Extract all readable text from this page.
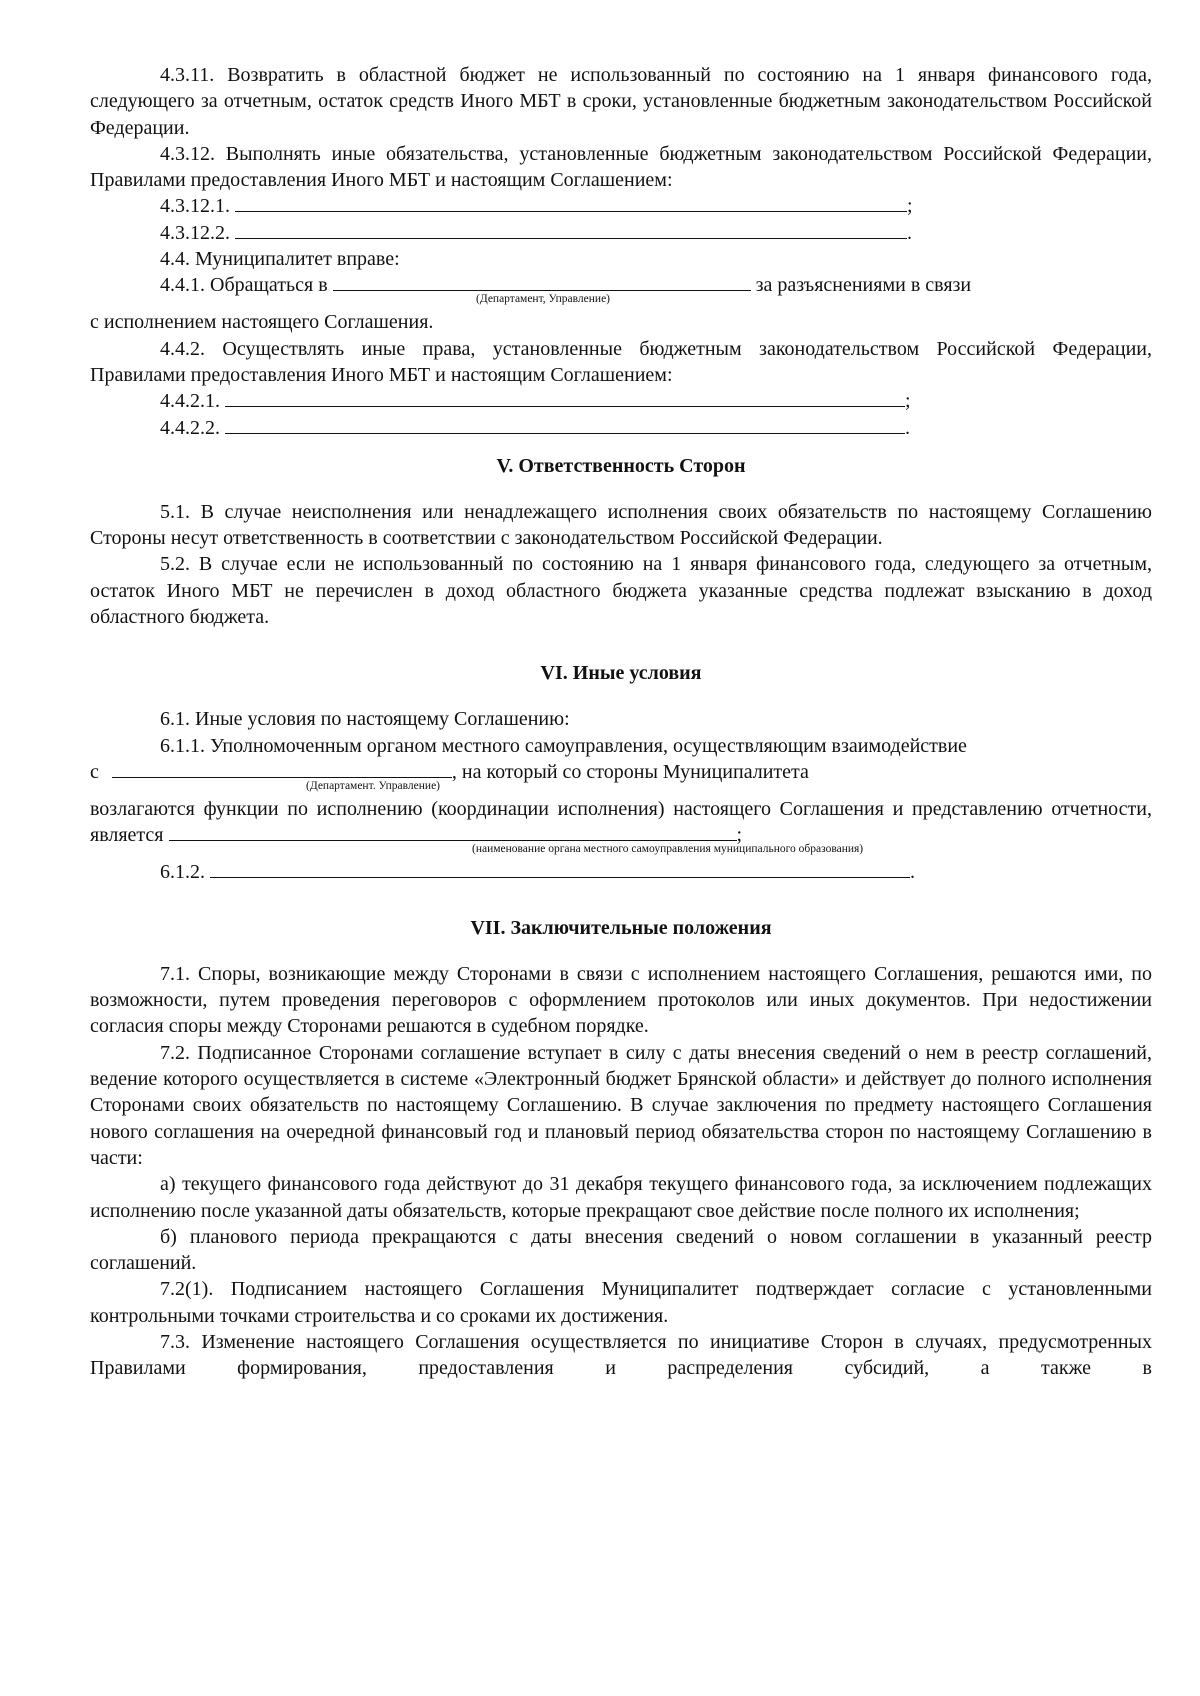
4.3.11. Возвратить в областной бюджет не использованный по состоянию на 1 января финансового года, следующего за отчетным, остаток средств Иного МБТ в сроки, установленные бюджетным законодательством Российской Федерации.

4.3.12. Выполнять иные обязательства, установленные бюджетным законодательством Российской Федерации, Правилами предоставления Иного МБТ и настоящим Соглашением:

4.3.12.1.	;

4.3.12.2.	.

4.4. Муниципалитет вправе:

4.4.1. Обращаться в	за разъяснениями в связи

(Департамент, Управление)

с исполнением настоящего Соглашения.

4.4.2. Осуществлять иные права, установленные бюджетным законодательством Российской Федерации, Правилами предоставления Иного МБТ и настоящим Соглашением:

4.4.2.1.	;

4.4.2.2.	.

V. Ответственность Сторон

5.1. В случае неисполнения или ненадлежащего исполнения своих обязательств по настоящему Соглашению Стороны несут ответственность в соответствии с законодательством Российской Федерации.

5.2. В случае если не использованный по состоянию на 1 января финансового года, следующего за отчетным, остаток Иного МБТ не перечислен в доход областного бюджета указанные средства подлежат взысканию в доход областного бюджета.

VI. Иные условия

6.1. Иные условия по настоящему Соглашению:

6.1.1. Уполномоченным органом местного самоуправления, осуществляющим взаимодействие

с	, на который со стороны Муниципалитета

(Департамент. Управление)

возлагаются функции по исполнению (координации исполнения) настоящего Соглашения и представлению отчетности, является	;

(наименование органа местного самоуправления муниципального образования)

6.1.2.	.

VII. Заключительные положения

7.1. Споры, возникающие между Сторонами в связи с исполнением настоящего Соглашения, решаются ими, по возможности, путем проведения переговоров с оформлением протоколов или иных документов. При недостижении согласия споры между Сторонами решаются в судебном порядке.

7.2. Подписанное Сторонами соглашение вступает в силу с даты внесения сведений о нем в реестр соглашений, ведение которого осуществляется в системе «Электронный бюджет Брянской области» и действует до полного исполнения Сторонами своих обязательств по настоящему Соглашению. В случае заключения по предмету настоящего Соглашения нового соглашения на очередной финансовый год и плановый период обязательства сторон по настоящему Соглашению в части:

а) текущего финансового года действуют до 31 декабря текущего финансового года, за исключением подлежащих исполнению после указанной даты обязательств, которые прекращают свое действие после полного их исполнения;

б) планового периода прекращаются с даты внесения сведений о новом соглашении в указанный реестр соглашений.

7.2(1). Подписанием настоящего Соглашения Муниципалитет подтверждает согласие с установленными контрольными точками строительства и со сроками их достижения.

7.3. Изменение настоящего Соглашения осуществляется по инициативе Сторон в случаях, предусмотренных Правилами формирования, предоставления и распределения субсидий, а также в
